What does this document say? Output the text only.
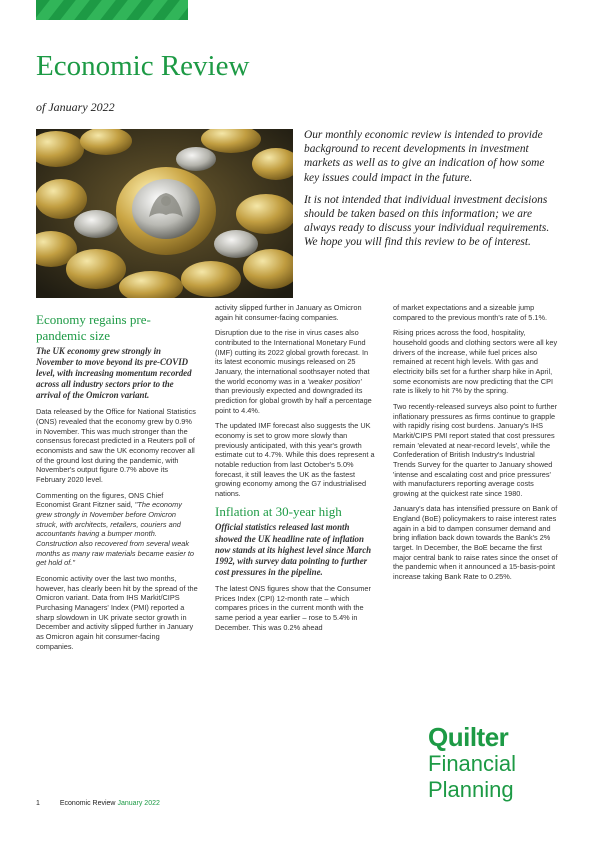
Economic Review
of January 2022

Our monthly economic review is intended to provide background to recent developments in investment markets as well as to give an indication of how some key issues could impact in the future.

It is not intended that individual investment decisions should be taken based on this information; we are always ready to discuss your individual requirements. We hope you will find this review to be of interest.

Economy regains pre-pandemic size

The UK economy grew strongly in November to move beyond its pre-COVID level, with increasing momentum recorded across all industry sectors prior to the arrival of the Omicron variant.

Data released by the Office for National Statistics (ONS) revealed that the economy grew by 0.9% in November. This was much stronger than the consensus forecast predicted in a Reuters poll of economists and saw the UK economy recover all of the ground lost during the pandemic, with November's output figure 0.7% above its February 2020 level.

Commenting on the figures, ONS Chief Economist Grant Fitzner said, "The economy grew strongly in November before Omicron struck, with architects, retailers, couriers and accountants having a bumper month. Construction also recovered from several weak months as many raw materials became easier to get hold of."

Economic activity over the last two months, however, has clearly been hit by the spread of the Omicron variant. Data from IHS Markit/CIPS Purchasing Managers' Index (PMI) reported a sharp slowdown in UK private sector growth in December and activity slipped further in January as Omicron again hit consumer-facing companies.

activity slipped further in January as Omicron again hit consumer-facing companies.

Disruption due to the rise in virus cases also contributed to the International Monetary Fund (IMF) cutting its 2022 global growth forecast. In its latest economic musings released on 25 January, the international soothsayer noted that the world economy was in a 'weaker position' than previously expected and downgraded its prediction for global growth by half a percentage point to 4.4%.

The updated IMF forecast also suggests the UK economy is set to grow more slowly than previously anticipated, with this year's growth estimate cut to 4.7%. While this does represent a notable reduction from last October's 5.0% forecast, it still leaves the UK as the fastest growing economy among the G7 industrialised nations.

Inflation at 30-year high

Official statistics released last month showed the UK headline rate of inflation now stands at its highest level since March 1992, with survey data pointing to further cost pressures in the pipeline.

The latest ONS figures show that the Consumer Prices Index (CPI) 12-month rate – which compares prices in the current month with the same period a year earlier – rose to 5.4% in December. This was 0.2% ahead

of market expectations and a sizeable jump compared to the previous month's rate of 5.1%.

Rising prices across the food, hospitality, household goods and clothing sectors were all key drivers of the increase, while fuel prices also remained at recent high levels. With gas and electricity bills set for a further sharp hike in April, some economists are now predicting that the CPI rate is likely to hit 7% by the spring.

Two recently-released surveys also point to further inflationary pressures as firms continue to grapple with rapidly rising cost burdens. January's IHS Markit/CIPS PMI report stated that cost pressures remain 'elevated at near-record levels', while the Confederation of British Industry's Industrial Trends Survey for the quarter to January showed 'intense and escalating cost and price pressures' with manufacturers reporting average costs growing at the quickest rate since 1980.

January's data has intensified pressure on Bank of England (BoE) policymakers to raise interest rates again in a bid to dampen consumer demand and bring inflation back down towards the Bank's 2% target. In December, the BoE became the first major central bank to raise rates since the onset of the pandemic when it announced a 15-basis-point increase taking Bank Rate to 0.25%.

Quilter
Financial
Planning
1	Economic Review January 2022
